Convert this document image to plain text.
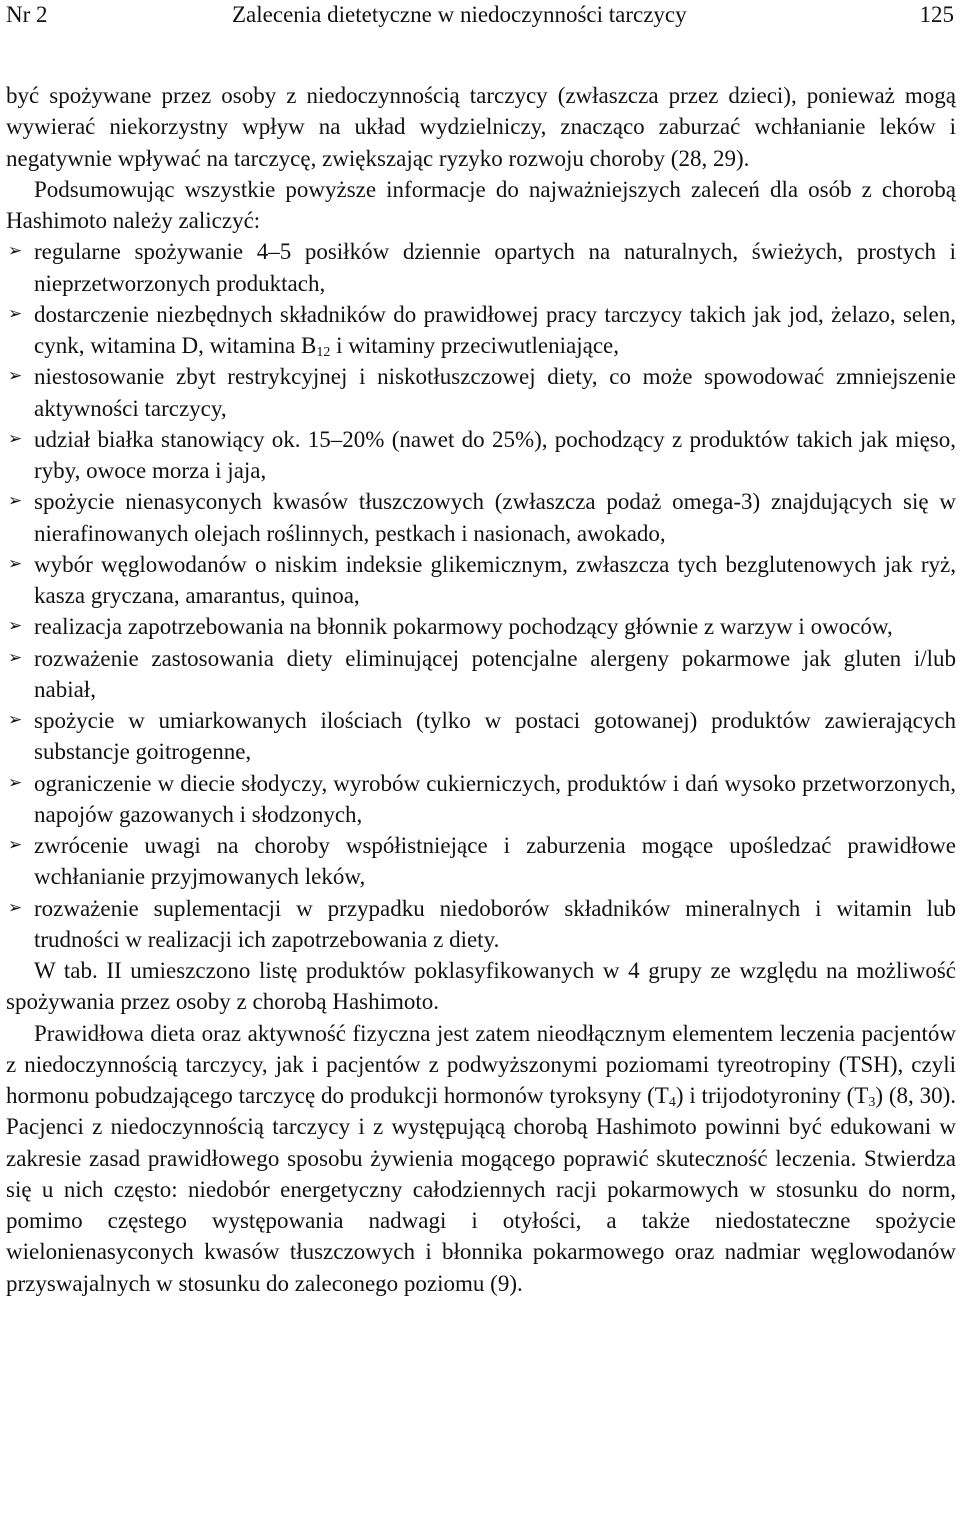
Nr 2	Zalecenia dietetyczne w niedoczynności tarczycy	125

być spożywane przez osoby z niedoczynnością tarczycy (zwłaszcza przez dzieci), ponieważ mogą wywierać niekorzystny wpływ na układ wydzielniczy, znacząco zaburzać wchłanianie leków i negatywnie wpływać na tarczycę, zwiększając ryzyko rozwoju choroby (28, 29).

Podsumowując wszystkie powyższe informacje do najważniejszych zaleceń dla osób z chorobą Hashimoto należy zaliczyć:

➢ regularne spożywanie 4–5 posiłków dziennie opartych na naturalnych, świeżych, prostych i nieprzetworzonych produktach,
➢ dostarczenie niezbędnych składników do prawidłowej pracy tarczycy takich jak jod, żelazo, selen, cynk, witamina D, witamina $B_{12}$ i witaminy przeciwutleniające,
➢ niestosowanie zbyt restrykcyjnej i niskotłuszczowej diety, co może spowodować zmniejszenie aktywności tarczycy,
➢ udział białka stanowiący ok. 15–20% (nawet do 25%), pochodzący z produktów takich jak mięso, ryby, owoce morza i jaja,
➢ spożycie nienasyconych kwasów tłuszczowych (zwłaszcza podaż omega-3) znajdujących się w nierafinowanych olejach roślinnych, pestkach i nasionach, awokado,
➢ wybór węglowodanów o niskim indeksie glikemicznym, zwłaszcza tych bezglutenowych jak ryż, kasza gryczana, amarantus, quinoa,
➢ realizacja zapotrzebowania na błonnik pokarmowy pochodzący głównie z warzyw i owoców,
➢ rozważenie zastosowania diety eliminującej potencjalne alergeny pokarmowe jak gluten i/lub nabiał,
➢ spożycie w umiarkowanych ilościach (tylko w postaci gotowanej) produktów zawierających substancje goitrogenne,
➢ ograniczenie w diecie słodyczy, wyrobów cukierniczych, produktów i dań wysoko przetworzonych, napojów gazowanych i słodzonych,
➢ zwrócenie uwagi na choroby współistniejące i zaburzenia mogące upośledzać prawidłowe wchłanianie przyjmowanych leków,
➢ rozważenie suplementacji w przypadku niedoborów składników mineralnych i witamin lub trudności w realizacji ich zapotrzebowania z diety.

W tab. II umieszczono listę produktów poklasyfikowanych w 4 grupy ze względu na możliwość spożywania przez osoby z chorobą Hashimoto.

Prawidłowa dieta oraz aktywność fizyczna jest zatem nieodłącznym elementem leczenia pacjentów z niedoczynnością tarczycy, jak i pacjentów z podwyższonymi poziomami tyreotropiny (TSH), czyli hormonu pobudzającego tarczycę do produkcji hormonów tyroksyny $(T_4)$ i trijodotyroniny $(T_3)$ (8, 30). Pacjenci z niedoczynnością tarczycy i z występującą chorobą Hashimoto powinni być edukowani w zakresie zasad prawidłowego sposobu żywienia mogącego poprawić skuteczność leczenia. Stwierdza się u nich często: niedobór energetyczny całodziennych racji pokarmowych w stosunku do norm, pomimo częstego występowania nadwagi i otyłości, a także niedostateczne spożycie wielonienasyconych kwasów tłuszczowych i błonnika pokarmowego oraz nadmiar węglowodanów przyswajalnych w stosunku do zaleconego poziomu (9).
